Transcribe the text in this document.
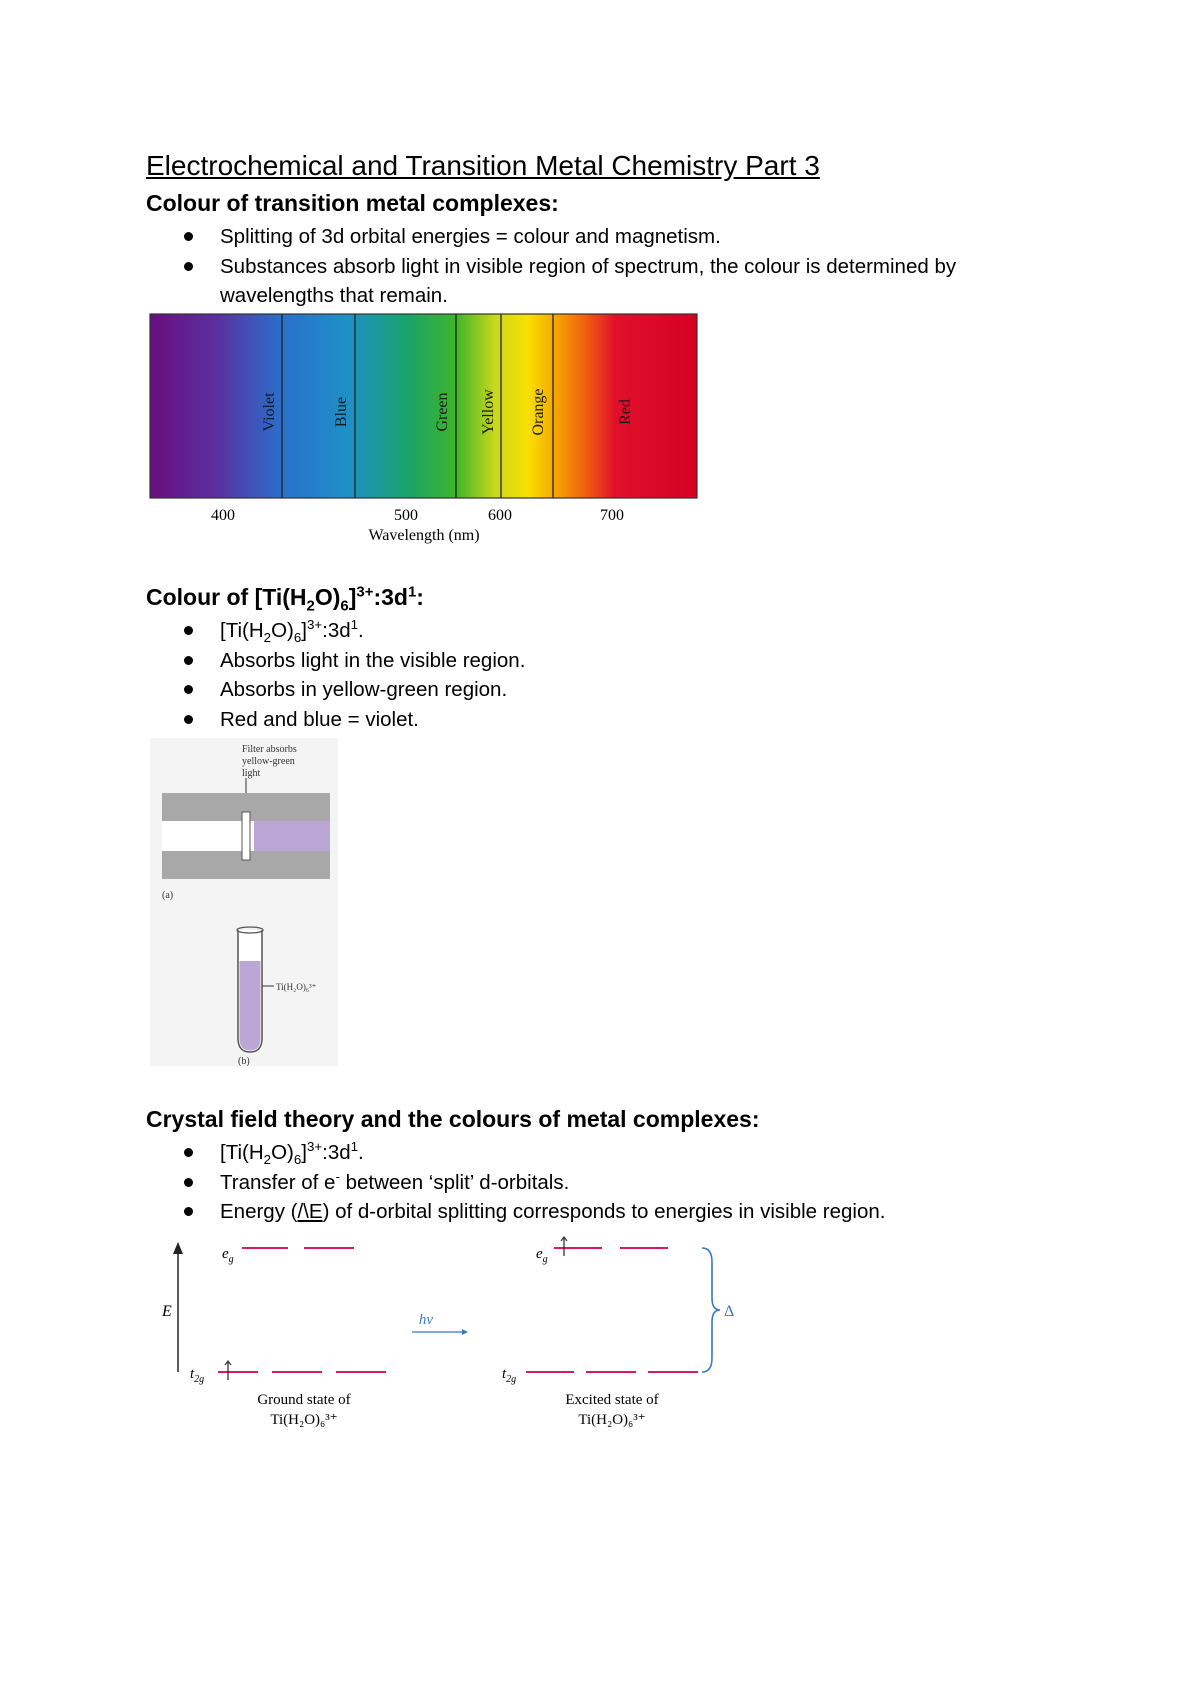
Electrochemical and Transition Metal Chemistry Part 3
Colour of transition metal complexes:
Splitting of 3d orbital energies = colour and magnetism.
Substances absorb light in visible region of spectrum, the colour is determined by wavelengths that remain.
Violet	Blue	Green Yellow Orange	Red
400	500	600	700
Wavelength (nm)
Colour of $[Ti(H_2O)_6]^{3+}:3d^1$:
$[Ti(H_2O)_6]^{3+}:3d^1$.
Absorbs light in the visible region.
Absorbs in yellow-green region.
Red and blue = violet.
Filter absorbs
yellow-green
light
(a)
Ti(H₂O)₆³⁺
(b)
Crystal field theory and the colours of metal complexes:
$[Ti(H_2O)_6]^{3+}:3d^1$.
Transfer of e- between ‘split’ d-orbitals.
Energy (/\E) of d-orbital splitting corresponds to energies in visible region.
E
$e_g$
$t_{2g}$
hν
$e_g$
$t_{2g}$
Δ
Ground state of
Ti(H₂O)₆³⁺
Excited state of
Ti(H₂O)₆³⁺
